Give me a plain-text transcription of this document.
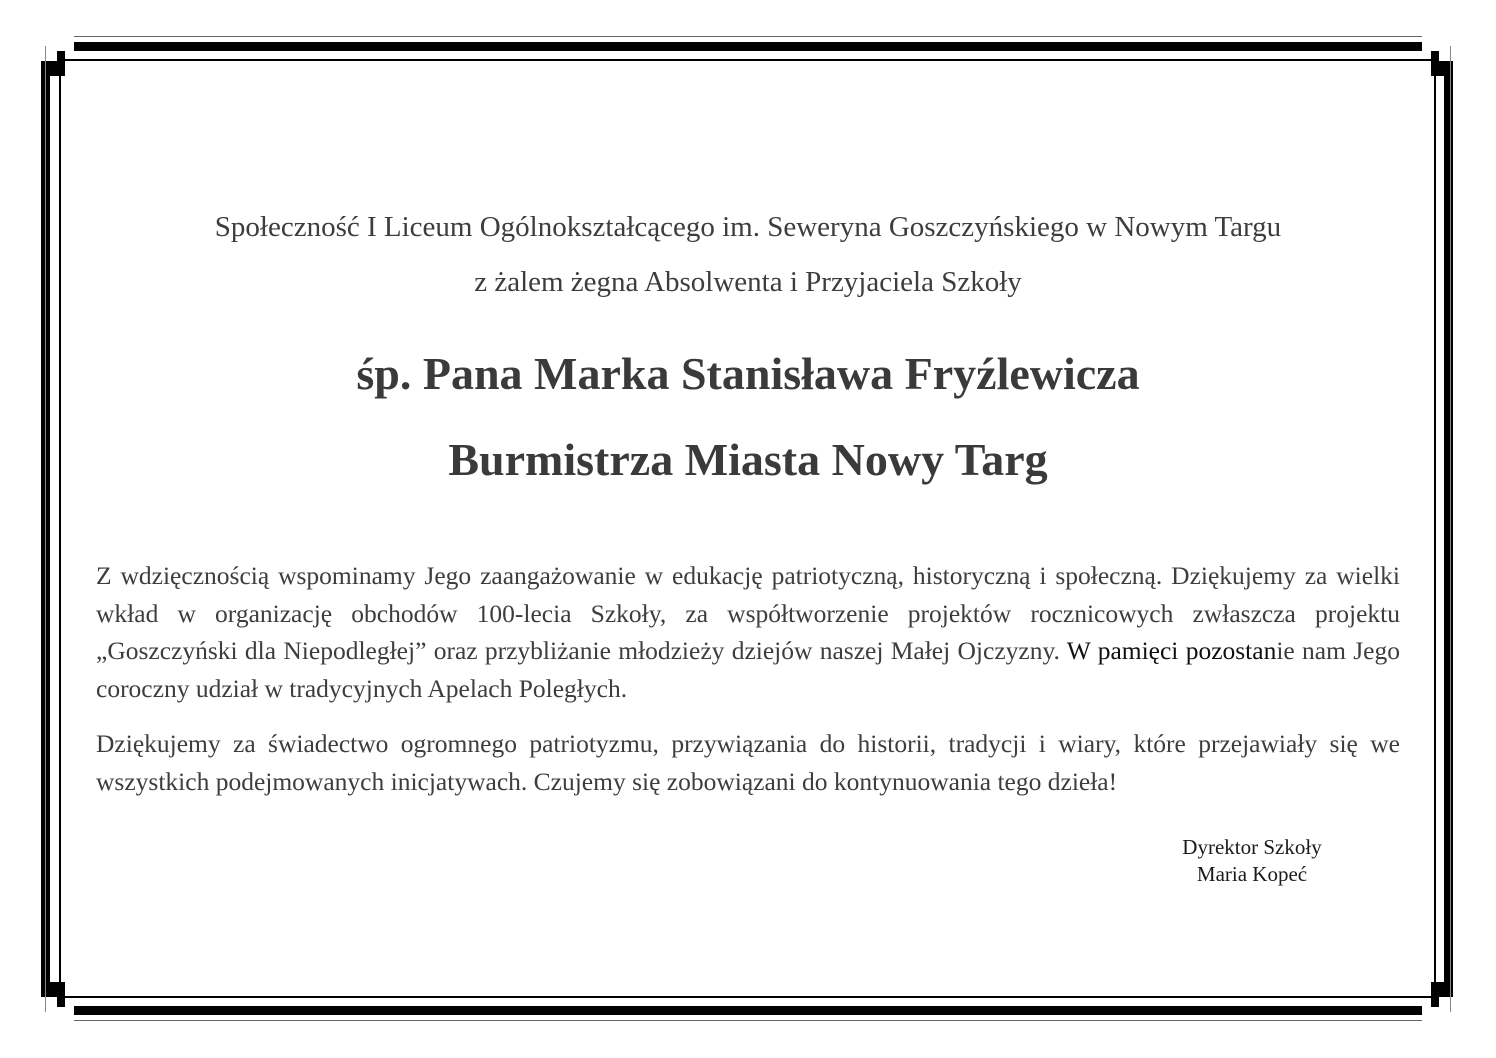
Społeczność I Liceum Ogólnokształcącego im. Seweryna Goszczyńskiego w Nowym Targu
z żalem żegna Absolwenta i Przyjaciela Szkoły
śp. Pana Marka Stanisława Fryźlewicza
Burmistrza Miasta Nowy Targ

Z wdzięcznością wspominamy Jego zaangażowanie w edukację patriotyczną, historyczną i społeczną. Dziękujemy za wielki wkład w organizację obchodów 100-lecia Szkoły, za współtworzenie projektów rocznicowych zwłaszcza projektu „Goszczyński dla Niepodległej” oraz przybliżanie młodzieży dziejów naszej Małej Ojczyzny. W pamięci pozostanie nam Jego coroczny udział w tradycyjnych Apelach Poległych.

Dziękujemy za świadectwo ogromnego patriotyzmu, przywiązania do historii, tradycji i wiary, które przejawiały się we wszystkich podejmowanych inicjatywach. Czujemy się zobowiązani do kontynuowania tego dzieła!

Dyrektor Szkoły
Maria Kopeć
